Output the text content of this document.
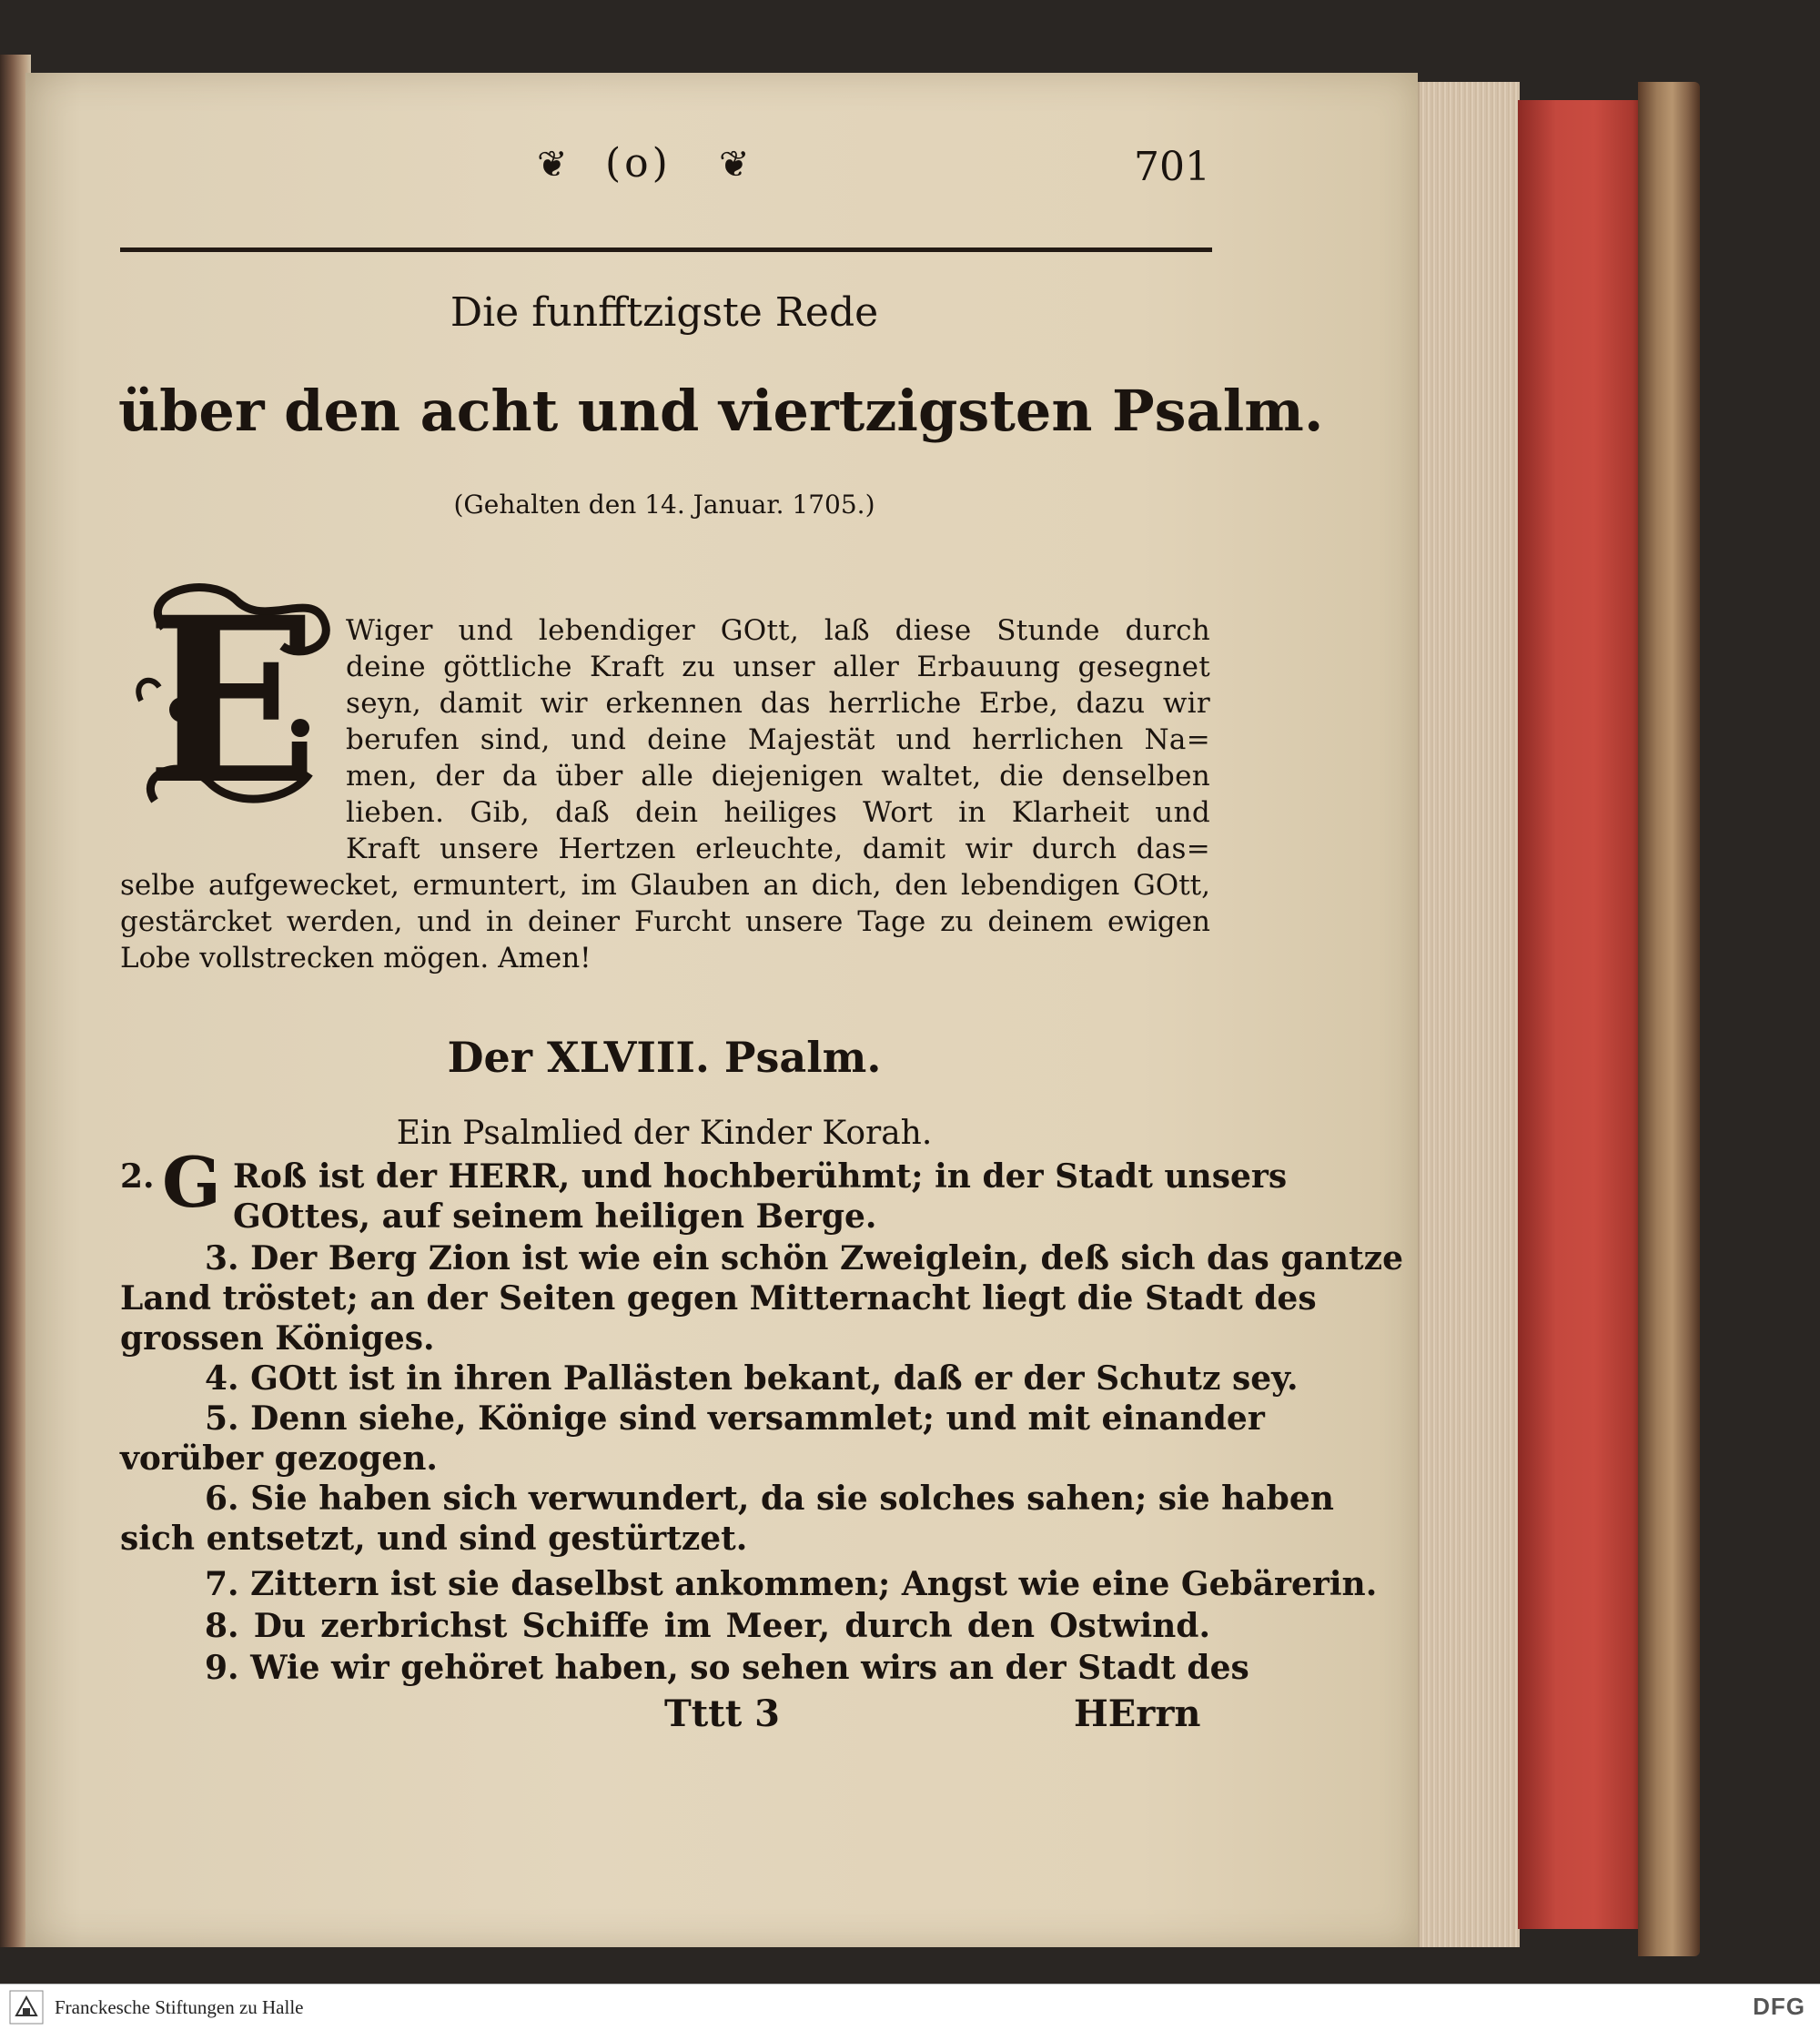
❦ (o) ❦	701
Die funfftzigste Rede
über den acht und viertzigsten Psalm.
(Gehalten den 14. Januar. 1705.)
E Wiger und lebendiger GOtt, laß diese Stunde durch
deine göttliche Kraft zu unser aller Erbauung gesegnet
seyn, damit wir erkennen das herrliche Erbe, dazu wir
berufen sind, und deine Majestät und herrlichen Na=
men, der da über alle diejenigen waltet, die denselben
lieben. Gib, daß dein heiliges Wort in Klarheit und
Kraft unsere Hertzen erleuchte, damit wir durch das=
selbe aufgewecket, ermuntert, im Glauben an dich, den lebendigen GOtt,
gestärcket werden, und in deiner Furcht unsere Tage zu deinem ewigen
Lobe vollstrecken mögen. Amen!
Der XLVIII. Psalm.
Ein Psalmlied der Kinder Korah.
2. G Roß ist der HERR, und hochberühmt; in der Stadt unsers
GOttes, auf seinem heiligen Berge.
3. Der Berg Zion ist wie ein schön Zweiglein, deß sich das gantze
Land tröstet; an der Seiten gegen Mitternacht liegt die Stadt des
grossen Königes.
4. GOtt ist in ihren Pallästen bekant, daß er der Schutz sey.
5. Denn siehe, Könige sind versammlet; und mit einander
vorüber gezogen.
6. Sie haben sich verwundert, da sie solches sahen; sie haben
sich entsetzt, und sind gestürtzet.
7. Zittern ist sie daselbst ankommen; Angst wie eine Gebärerin.
8. Du zerbrichst Schiffe im Meer, durch den Ostwind.
9. Wie wir gehöret haben, so sehen wirs an der Stadt des
Tttt 3	HErrn
Franckesche Stiftungen zu Halle	DFG
